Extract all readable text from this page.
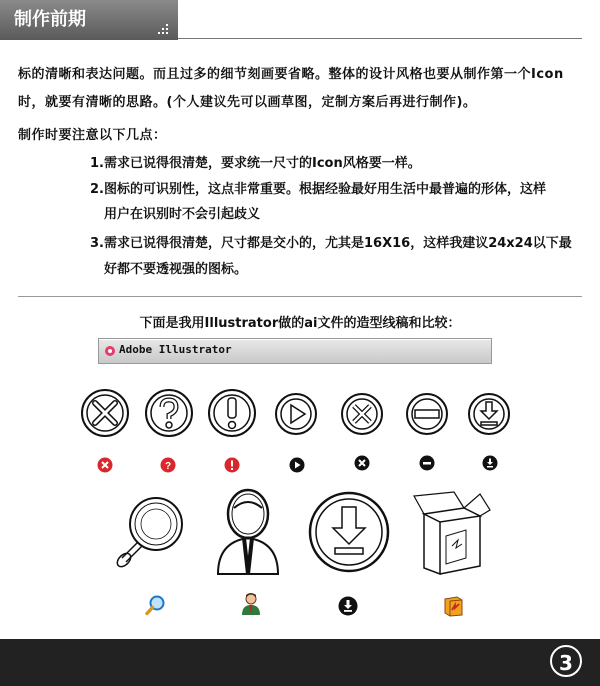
制作前期
标的清晰和表达问题。而且过多的细节刻画要省略。整体的设计风格也要从制作第一个Icon
时，就要有清晰的思路。(个人建议先可以画草图，定制方案后再进行制作)。
制作时要注意以下几点：
1.需求已说得很清楚，要求统一尺寸的Icon风格要一样。
2.图标的可识别性，这点非常重要。根据经验最好用生活中最普遍的形体，这样
用户在识别时不会引起歧义
3.需求已说得很清楚，尺寸都是交小的，尤其是16X16，这样我建议24x24以下最
好都不要透视强的图标。
下面是我用Illustrator做的ai文件的造型线稿和比较：
Adobe Illustrator
?
3
